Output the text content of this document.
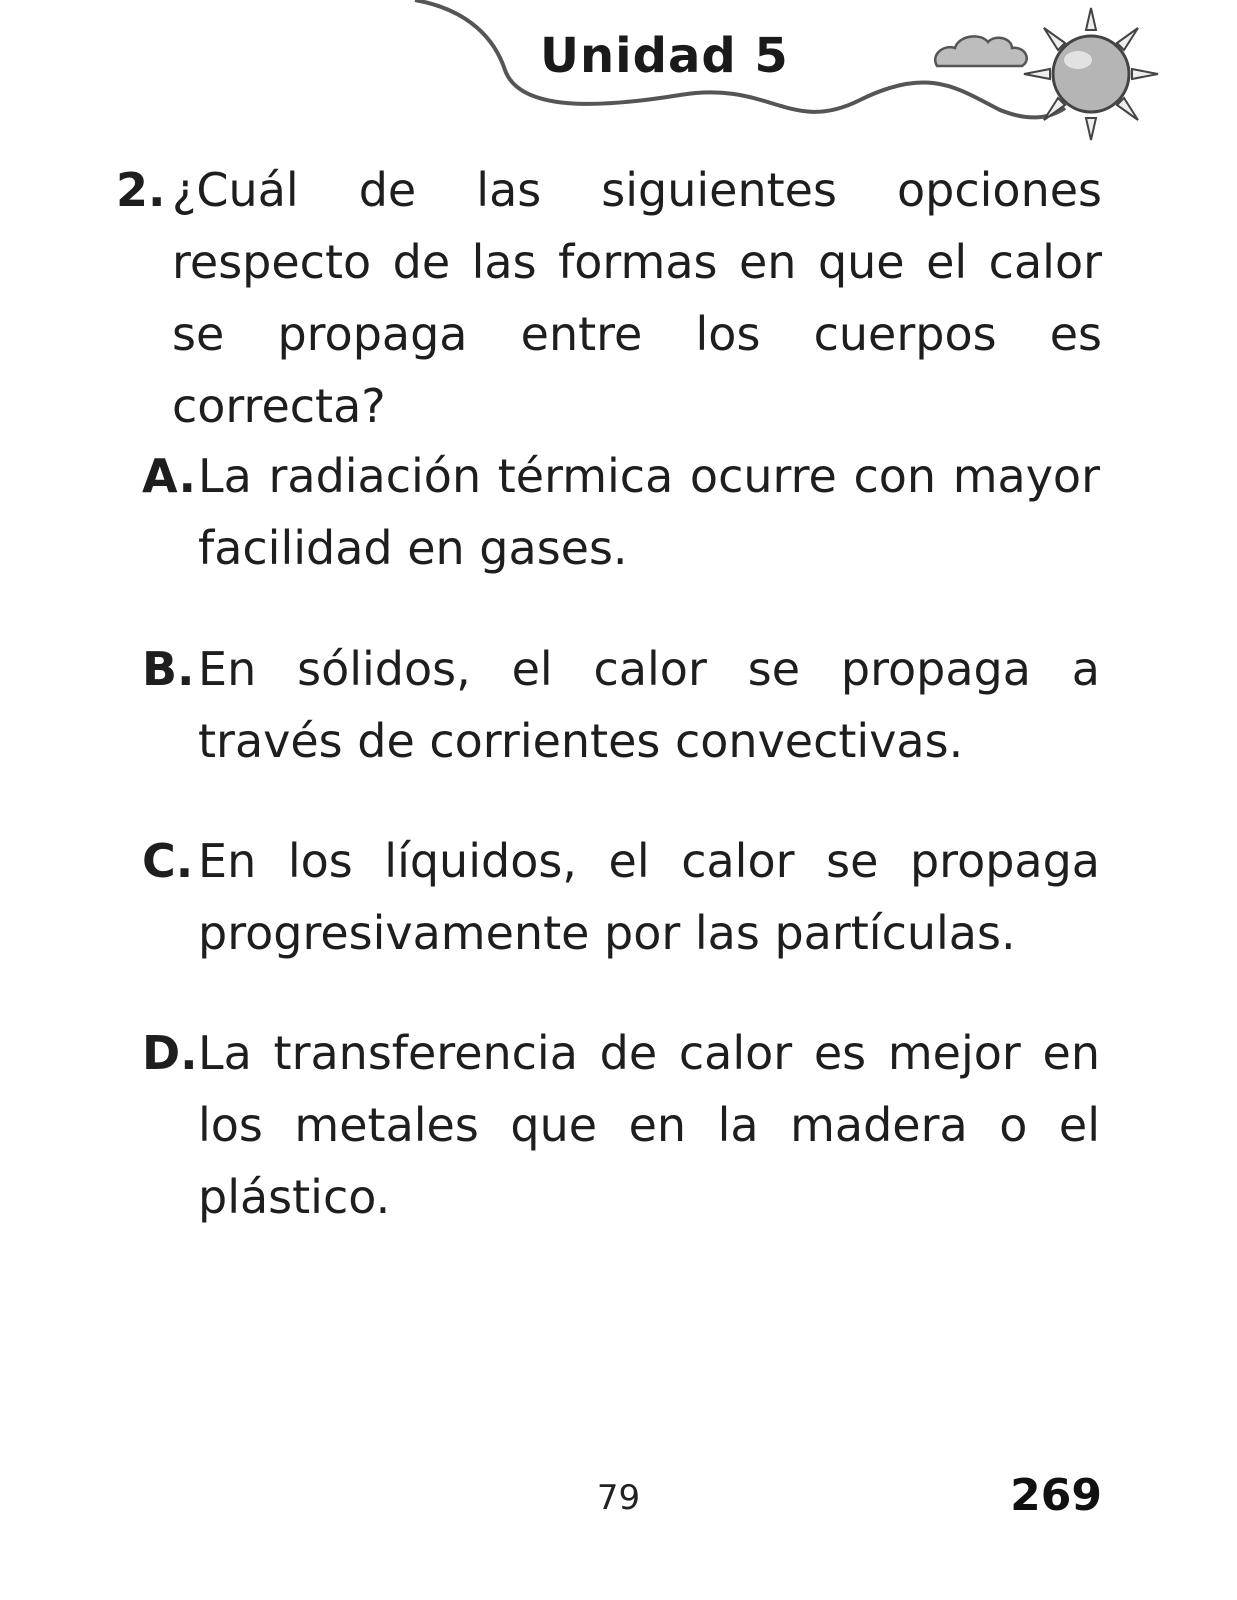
Unidad 5
2. ¿Cuál de las siguientes opciones respecto de las formas en que el calor se propaga entre los cuerpos es correcta?
A. La radiación térmica ocurre con mayor facilidad en gases.
B. En sólidos, el calor se propaga a través de corrientes convectivas.
C. En los líquidos, el calor se propaga progresivamente por las partículas.
D. La transferencia de calor es mejor en los metales que en la madera o el plástico.
79	269
